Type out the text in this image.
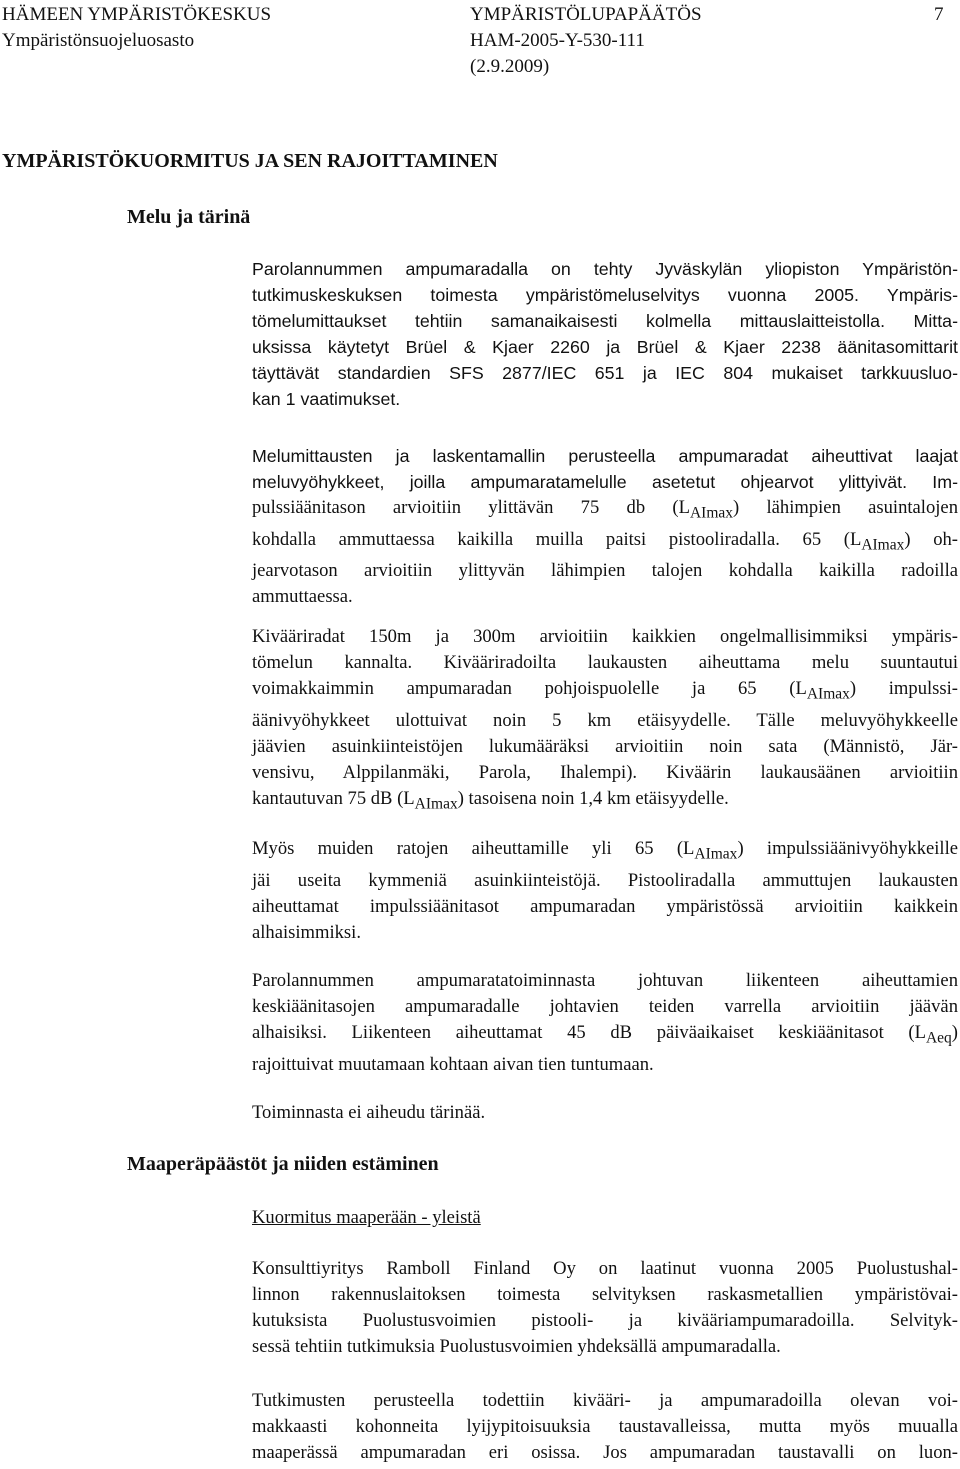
HÄMEEN YMPÄRISTÖKESKUS
Ympäristönsuojeluosasto
YMPÄRISTÖLUPAPÄÄTÖS
HAM-2005-Y-530-111
(2.9.2009)
7
YMPÄRISTÖKUORMITUS JA SEN RAJOITTAMINEN
Melu ja tärinä

Parolannummen ampumaradalla on tehty Jyväskylän yliopiston Ympäristön-
tutkimuskeskuksen toimesta ympäristömeluselvitys vuonna 2005. Ympäris-
tömelumittaukset tehtiin samanaikaisesti kolmella mittauslaitteistolla. Mitta-
uksissa käytetyt Brüel & Kjaer 2260 ja Brüel & Kjaer 2238 äänitasomittarit
täyttävät standardien SFS 2877/IEC 651 ja IEC 804 mukaiset tarkkuusluo-
kan 1 vaatimukset.

Melumittausten ja laskentamallin perusteella ampumaradat aiheuttivat laajat
meluvyöhykkeet, joilla ampumaratamelulle asetetut ohjearvot ylittyivät. Im-

pulssiäänitason arvioitiin ylittävän 75 db $(L_{AImax})$ lähimpien asuintalojen
kohdalla ammuttaessa kaikilla muilla paitsi pistooliradalla. 65 $(L_{AImax})$ oh-
jearvotason arvioitiin ylittyvän lähimpien talojen kohdalla kaikilla radoilla
ammuttaessa.

Kivääriradat 150m ja 300m arvioitiin kaikkien ongelmallisimmiksi ympäris-
tömelun kannalta. Kivääriradoilta laukausten aiheuttama melu suuntautui
voimakkaimmin ampumaradan pohjoispuolelle ja 65 $(L_{AImax})$ impulssi-
äänivyöhykkeet ulottuivat noin 5 km etäisyydelle. Tälle meluvyöhykkeelle
jäävien asuinkiinteistöjen lukumääräksi arvioitiin noin sata (Männistö, Jär-
vensivu, Alppilanmäki, Parola, Ihalempi). Kiväärin laukausäänen arvioitiin
kantautuvan 75 dB $(L_{AImax})$ tasoisena noin 1,4 km etäisyydelle.

Myös muiden ratojen aiheuttamille yli 65 $(L_{AImax})$ impulssiäänivyöhykkeille
jäi useita kymmeniä asuinkiinteistöjä. Pistooliradalla ammuttujen laukausten
aiheuttamat impulssiäänitasot ampumaradan ympäristössä arvioitiin kaikkein
alhaisimmiksi.

Parolannummen ampumaratatoiminnasta johtuvan liikenteen aiheuttamien
keskiäänitasojen ampumaradalle johtavien teiden varrella arvioitiin jäävän
alhaisiksi. Liikenteen aiheuttamat 45 dB päiväaikaiset keskiäänitasot $(L_{Aeq})$
rajoittuivat muutamaan kohtaan aivan tien tuntumaan.

Toiminnasta ei aiheudu tärinää.

Maaperäpäästöt ja niiden estäminen

Kuormitus maaperään - yleistä

Konsulttiyritys Ramboll Finland Oy on laatinut vuonna 2005 Puolustushal-
linnon rakennuslaitoksen toimesta selvityksen raskasmetallien ympäristövai-
kutuksista Puolustusvoimien pistooli- ja kivääriampumaradoilla. Selvityk-
sessä tehtiin tutkimuksia Puolustusvoimien yhdeksällä ampumaradalla.

Tutkimusten perusteella todettiin kivääri- ja ampumaradoilla olevan voi-
makkaasti kohonneita lyijypitoisuuksia taustavalleissa, mutta myös muualla
maaperässä ampumaradan eri osissa. Jos ampumaradan taustavalli on luon-
